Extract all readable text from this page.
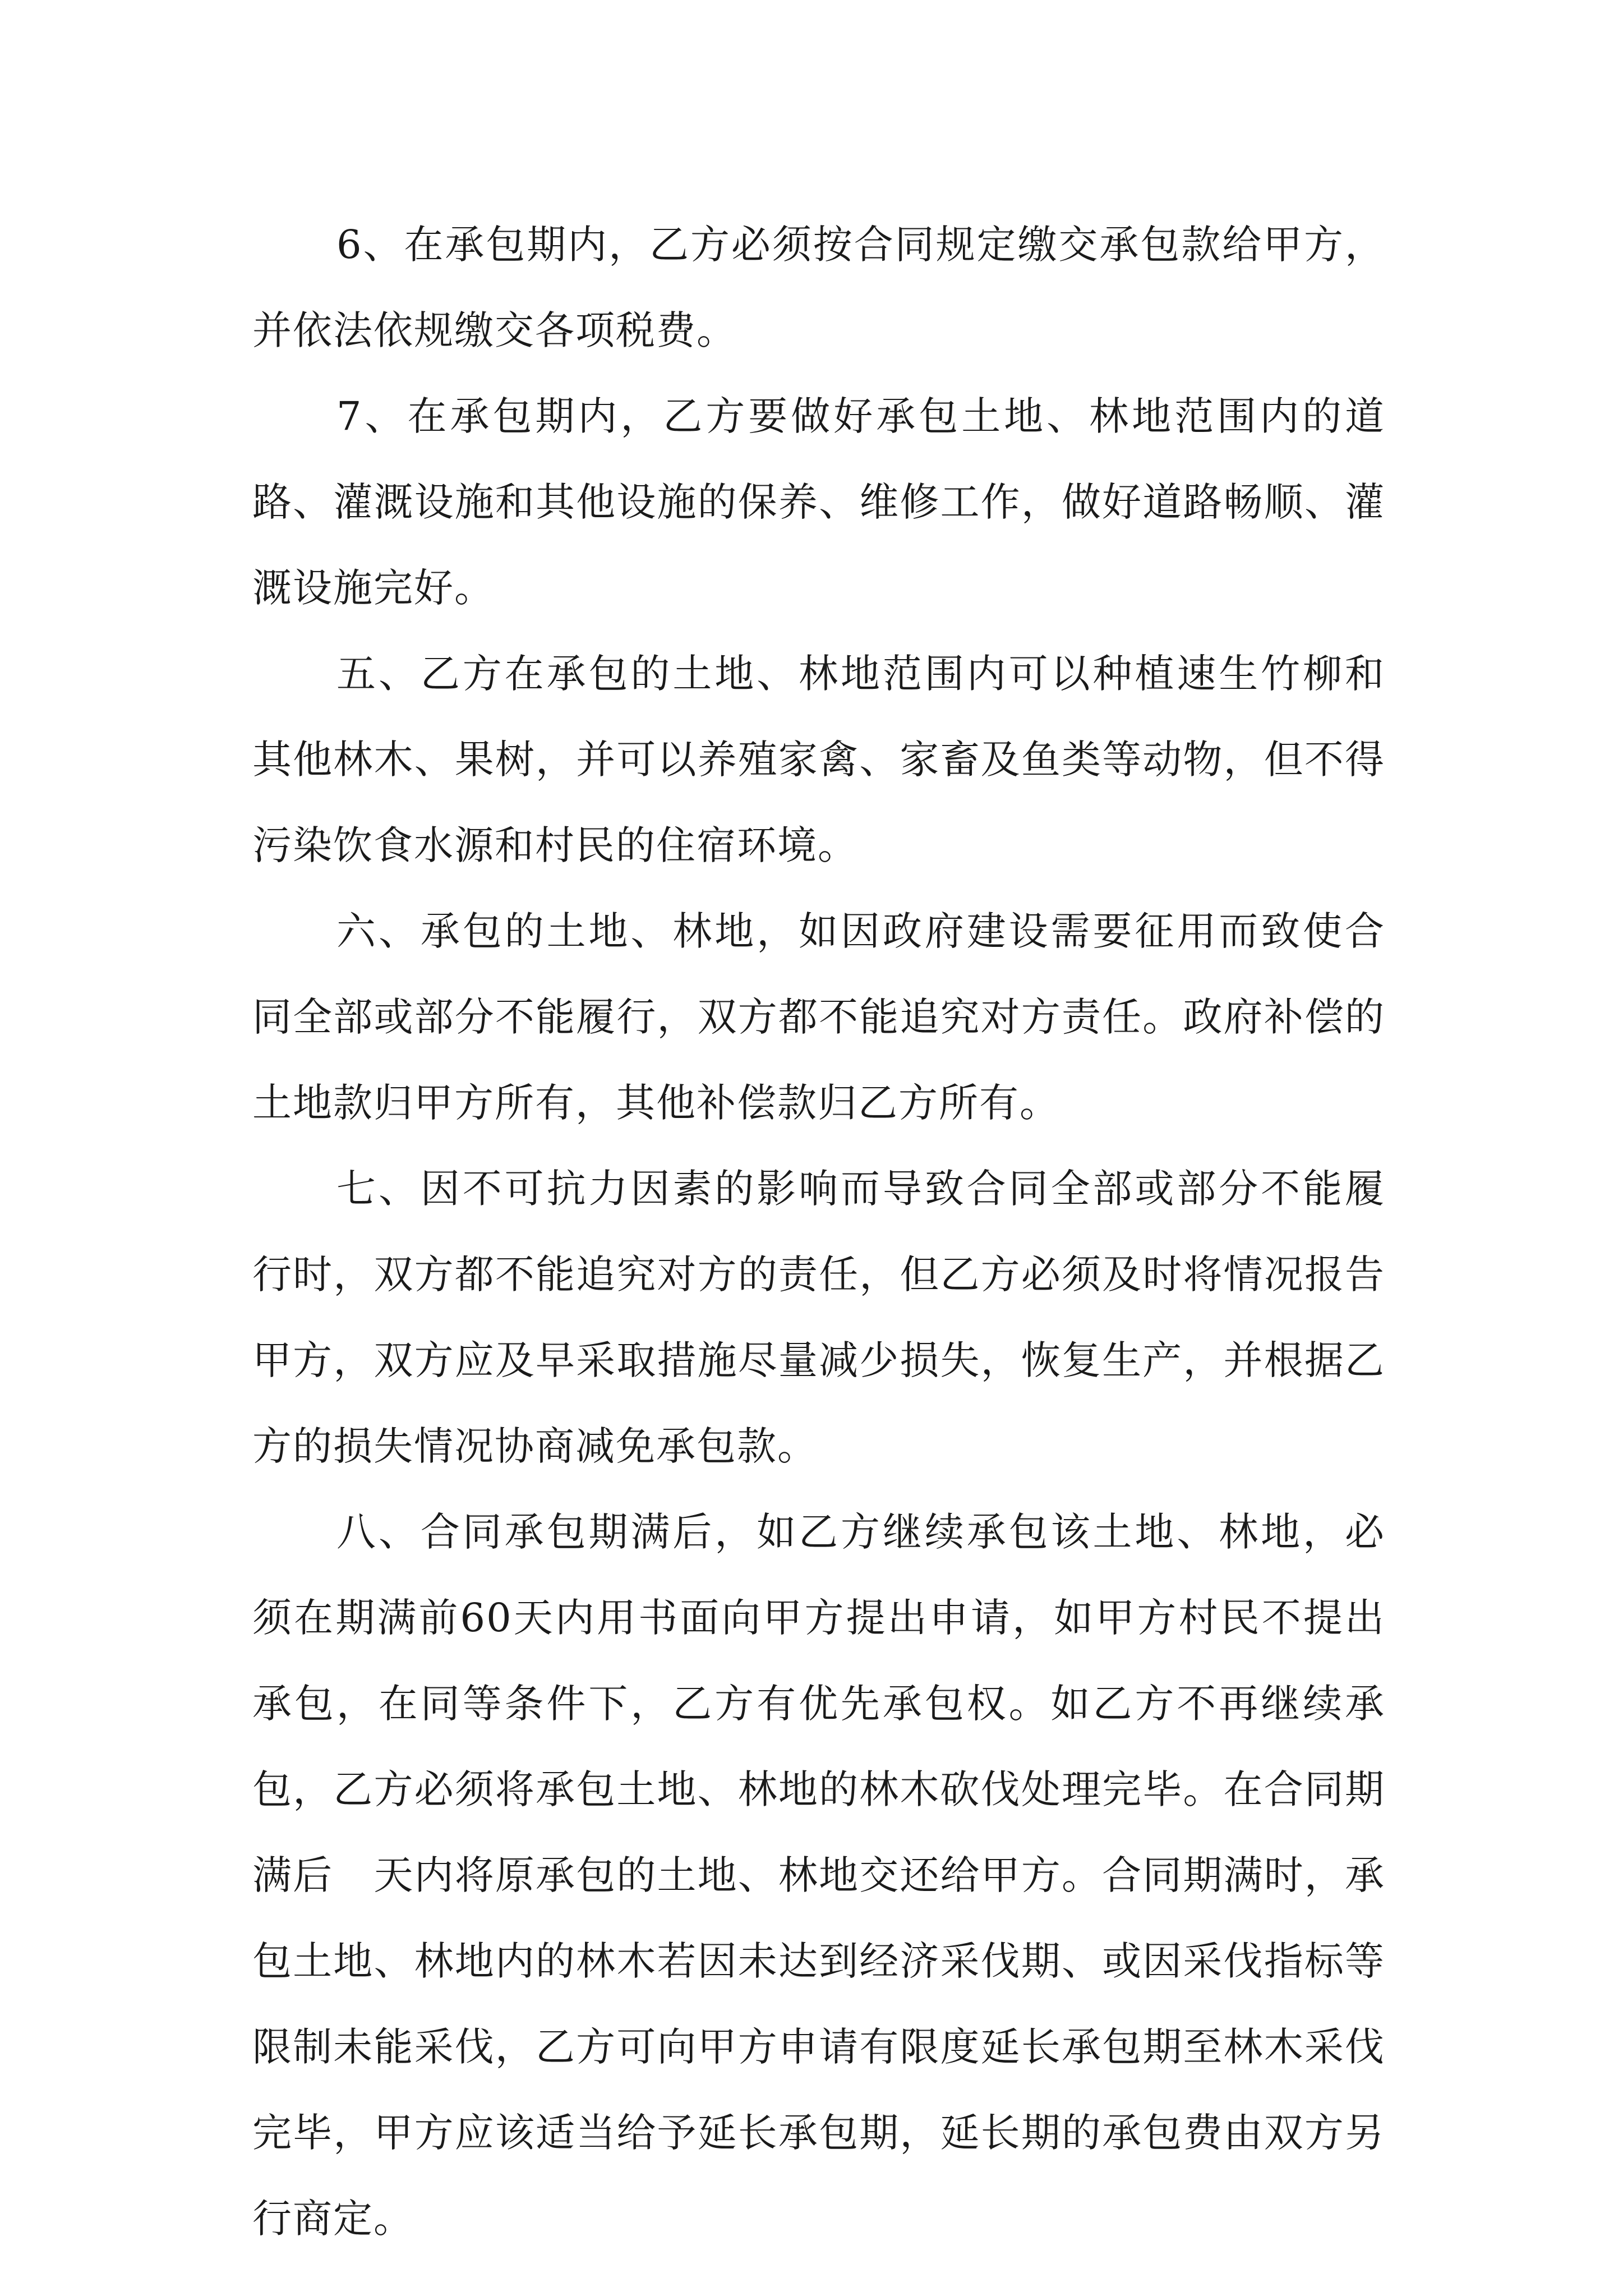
6、在承包期内，乙方必须按合同规定缴交承包款给甲方，并依法依规缴交各项税费。

7、在承包期内，乙方要做好承包土地、林地范围内的道路、灌溉设施和其他设施的保养、维修工作，做好道路畅顺、灌溉设施完好。

五、乙方在承包的土地、林地范围内可以种植速生竹柳和其他林木、果树，并可以养殖家禽、家畜及鱼类等动物，但不得污染饮食水源和村民的住宿环境。

六、承包的土地、林地，如因政府建设需要征用而致使合同全部或部分不能履行，双方都不能追究对方责任。政府补偿的土地款归甲方所有，其他补偿款归乙方所有。

七、因不可抗力因素的影响而导致合同全部或部分不能履行时，双方都不能追究对方的责任，但乙方必须及时将情况报告甲方，双方应及早采取措施尽量减少损失，恢复生产，并根据乙方的损失情况协商减免承包款。

八、合同承包期满后，如乙方继续承包该土地、林地，必须在期满前60天内用书面向甲方提出申请，如甲方村民不提出承包，在同等条件下，乙方有优先承包权。如乙方不再继续承包，乙方必须将承包土地、林地的林木砍伐处理完毕。在合同期满后　天内将原承包的土地、林地交还给甲方。合同期满时，承包土地、林地内的林木若因未达到经济采伐期、或因采伐指标等限制未能采伐，乙方可向甲方申请有限度延长承包期至林木采伐完毕，甲方应该适当给予延长承包期，延长期的承包费由双方另行商定。
